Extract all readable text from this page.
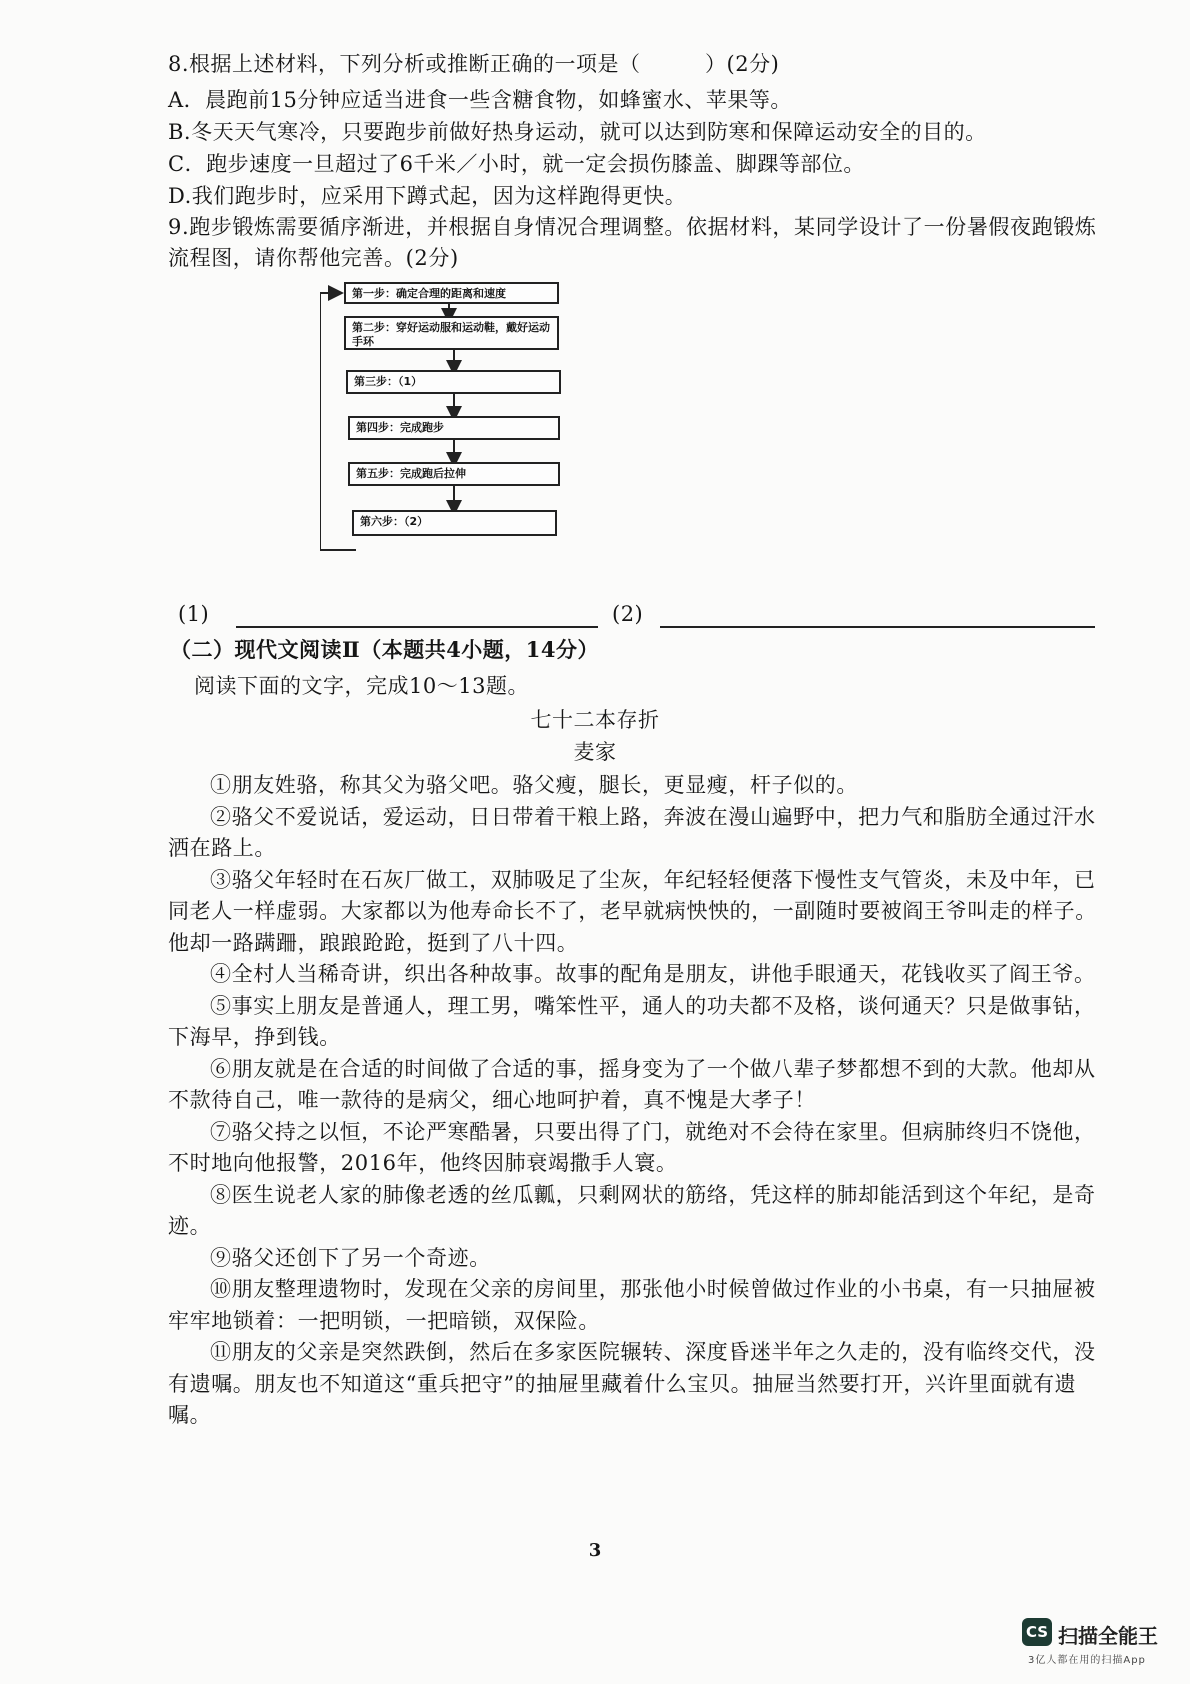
8.根据上述材料，下列分析或推断正确的一项是（　　　）(2分)
A．晨跑前15分钟应适当进食一些含糖食物，如蜂蜜水、苹果等。
B.冬天天气寒冷，只要跑步前做好热身运动，就可以达到防寒和保障运动安全的目的。
C．跑步速度一旦超过了6千米／小时，就一定会损伤膝盖、脚踝等部位。
D.我们跑步时，应采用下蹲式起，因为这样跑得更快。
9.跑步锻炼需要循序渐进，并根据自身情况合理调整。依据材料，某同学设计了一份暑假夜跑锻炼流程图，请你帮他完善。(2分)
第一步：确定合理的距离和速度
第二步：穿好运动服和运动鞋，戴好运动手环
第三步：（1）
第四步：完成跑步
第五步：完成跑后拉伸
第六步：（2）
(1)	(2)
（二）现代文阅读Ⅱ（本题共4小题，14分）
阅读下面的文字，完成10～13题。
七十二本存折
麦家

①朋友姓骆，称其父为骆父吧。骆父瘦，腿长，更显瘦，杆子似的。

②骆父不爱说话，爱运动，日日带着干粮上路，奔波在漫山遍野中，把力气和脂肪全通过汗水洒在路上。

③骆父年轻时在石灰厂做工，双肺吸足了尘灰，年纪轻轻便落下慢性支气管炎，未及中年，已同老人一样虚弱。大家都以为他寿命长不了，老早就病怏怏的，一副随时要被阎王爷叫走的样子。他却一路蹒跚，踉踉跄跄，挺到了八十四。

④全村人当稀奇讲，织出各种故事。故事的配角是朋友，讲他手眼通天，花钱收买了阎王爷。

⑤事实上朋友是普通人，理工男，嘴笨性平，通人的功夫都不及格，谈何通天？只是做事钻，下海早，挣到钱。

⑥朋友就是在合适的时间做了合适的事，摇身变为了一个做八辈子梦都想不到的大款。他却从不款待自己，唯一款待的是病父，细心地呵护着，真不愧是大孝子！

⑦骆父持之以恒，不论严寒酷暑，只要出得了门，就绝对不会待在家里。但病肺终归不饶他，不时地向他报警，2016年，他终因肺衰竭撒手人寰。

⑧医生说老人家的肺像老透的丝瓜瓤，只剩网状的筋络，凭这样的肺却能活到这个年纪，是奇迹。

⑨骆父还创下了另一个奇迹。

⑩朋友整理遗物时，发现在父亲的房间里，那张他小时候曾做过作业的小书桌，有一只抽屉被牢牢地锁着：一把明锁，一把暗锁，双保险。

⑪朋友的父亲是突然跌倒，然后在多家医院辗转、深度昏迷半年之久走的，没有临终交代，没有遗嘱。朋友也不知道这“重兵把守”的抽屉里藏着什么宝贝。抽屉当然要打开，兴许里面就有遗嘱。

3
CS 扫描全能王
3亿人都在用的扫描App
